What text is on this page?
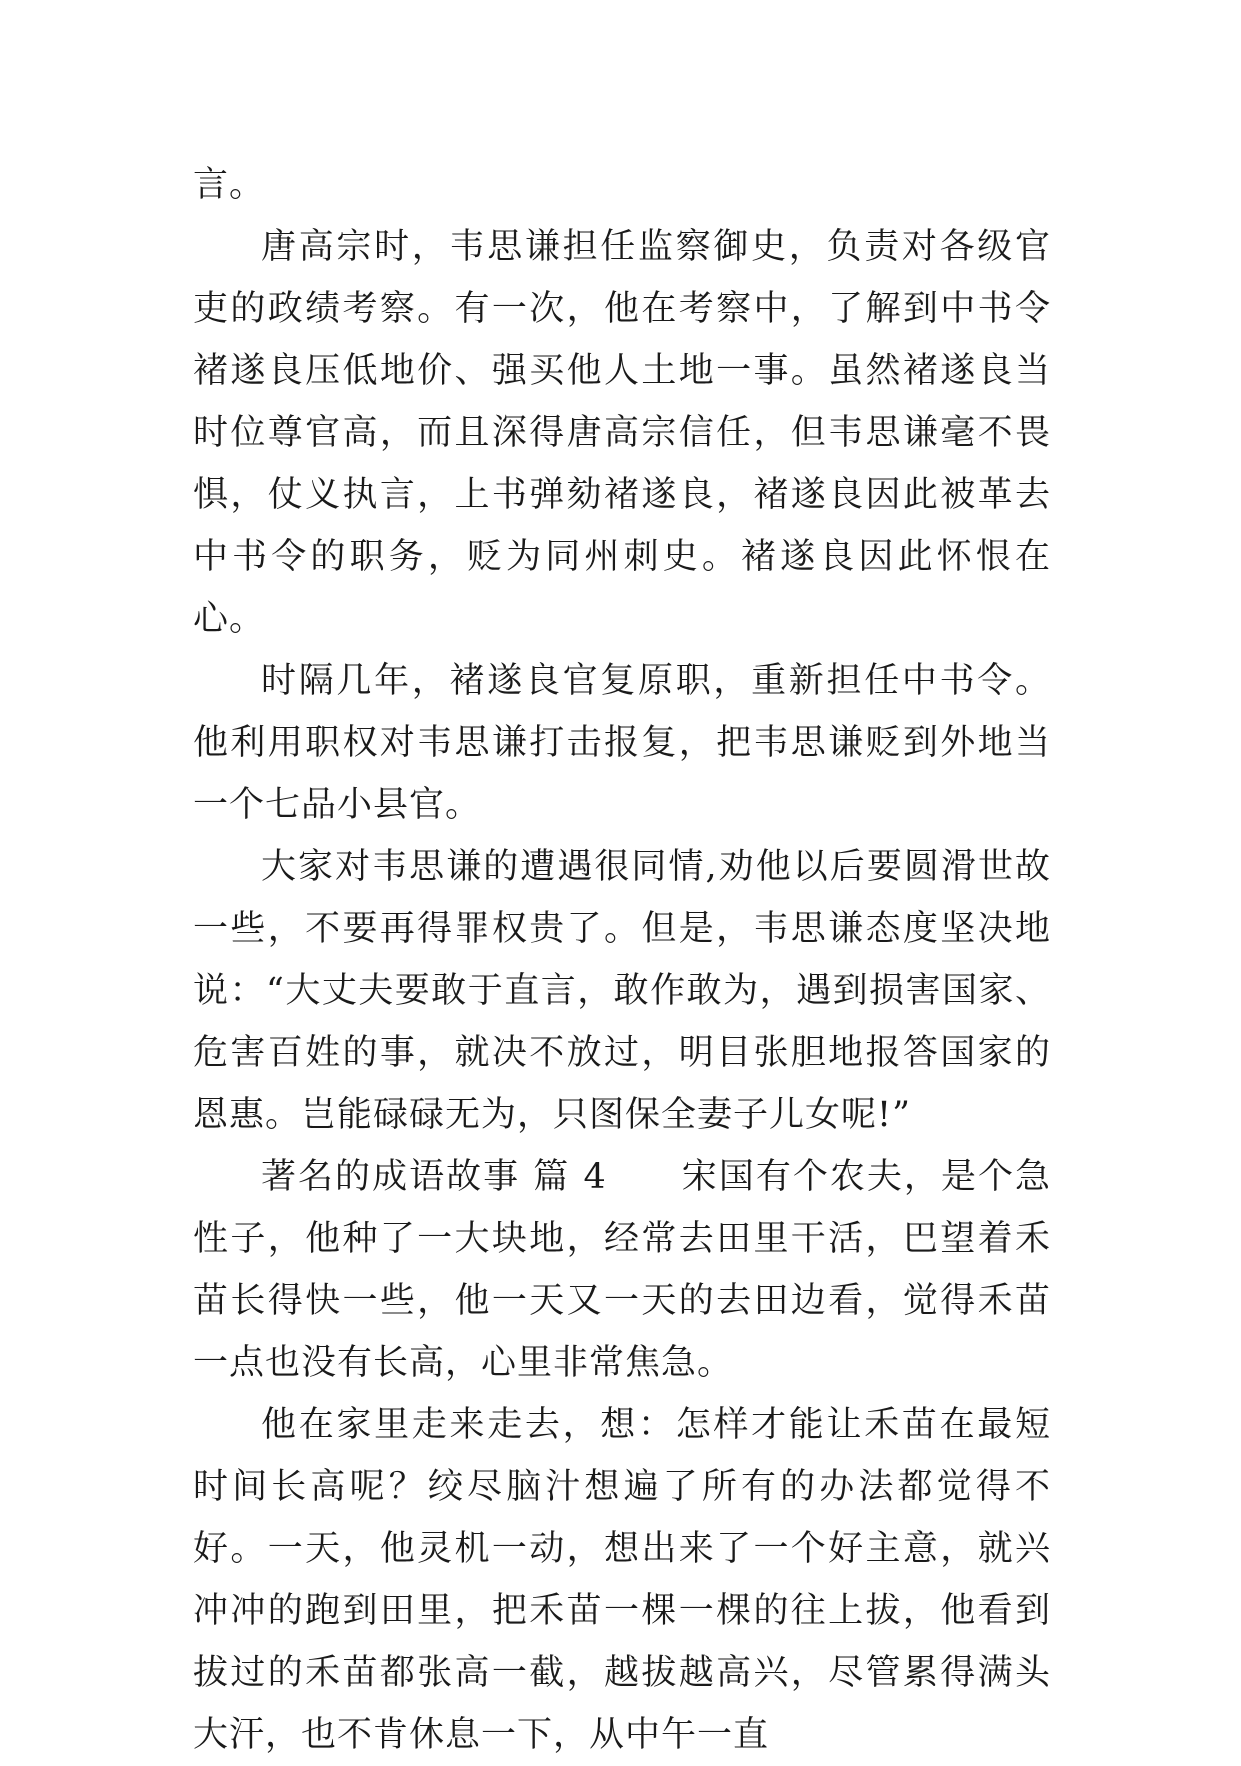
言。

唐高宗时，韦思谦担任监察御史，负责对各级官吏的政绩考察。有一次，他在考察中，了解到中书令褚遂良压低地价、强买他人土地一事。虽然褚遂良当时位尊官高，而且深得唐高宗信任，但韦思谦毫不畏惧，仗义执言，上书弹劾褚遂良，褚遂良因此被革去中书令的职务，贬为同州刺史。褚遂良因此怀恨在心。

时隔几年，褚遂良官复原职，重新担任中书令。他利用职权对韦思谦打击报复，把韦思谦贬到外地当一个七品小县官。

大家对韦思谦的遭遇很同情,劝他以后要圆滑世故一些，不要再得罪权贵了。但是，韦思谦态度坚决地说：“大丈夫要敢于直言，敢作敢为，遇到损害国家、危害百姓的事，就决不放过，明目张胆地报答国家的恩惠。岂能碌碌无为，只图保全妻子儿女呢!”

著名的成语故事 篇 4　　宋国有个农夫，是个急性子，他种了一大块地，经常去田里干活，巴望着禾苗长得快一些，他一天又一天的去田边看，觉得禾苗一点也没有长高，心里非常焦急。

他在家里走来走去，想：怎样才能让禾苗在最短时间长高呢？绞尽脑汁想遍了所有的办法都觉得不好。一天，他灵机一动，想出来了一个好主意，就兴冲冲的跑到田里，把禾苗一棵一棵的往上拔，他看到拔过的禾苗都张高一截，越拔越高兴，尽管累得满头大汗，也不肯休息一下，从中午一直
